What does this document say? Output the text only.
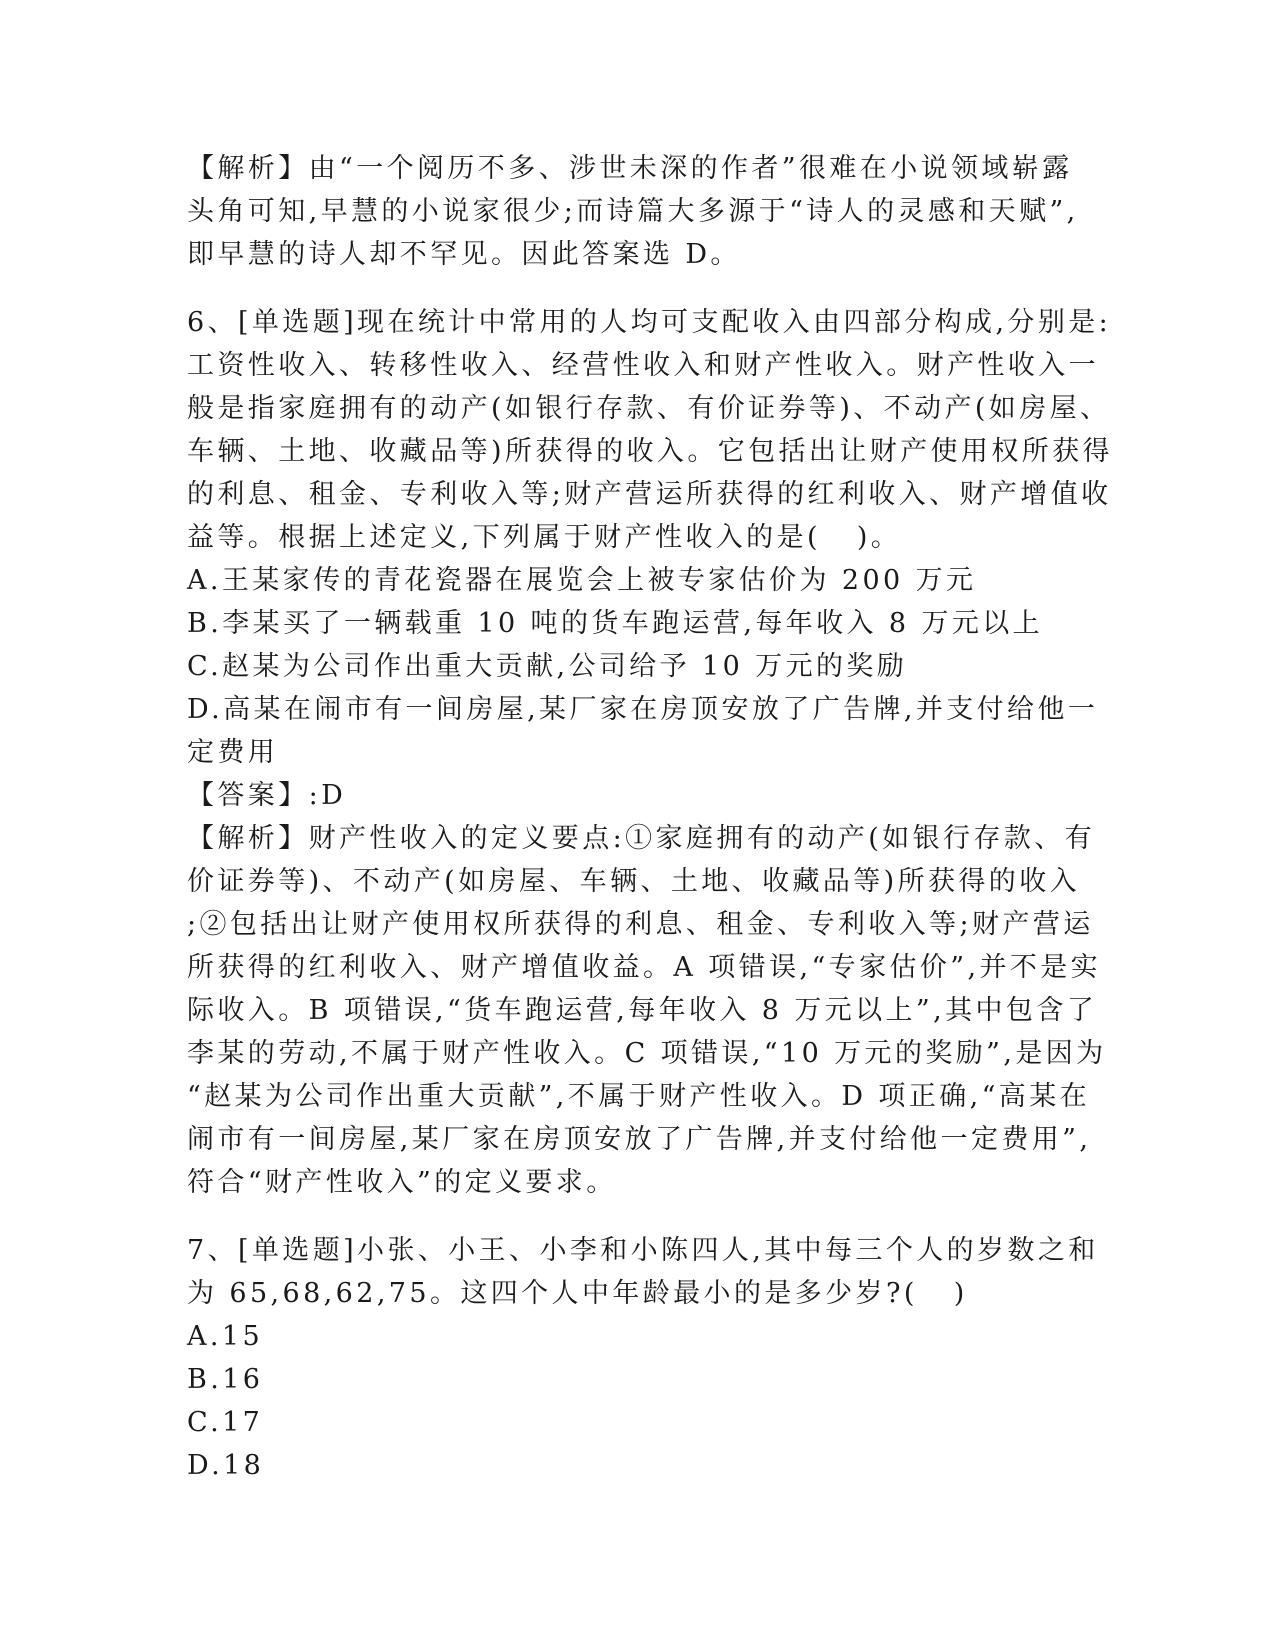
【解析】由“一个阅历不多、涉世未深的作者”很难在小说领域崭露
头角可知,早慧的小说家很少;而诗篇大多源于“诗人的灵感和天赋”,
即早慧的诗人却不罕见。因此答案选 D。
6、[单选题]现在统计中常用的人均可支配收入由四部分构成,分别是:
工资性收入、转移性收入、经营性收入和财产性收入。财产性收入一
般是指家庭拥有的动产(如银行存款、有价证券等)、不动产(如房屋、
车辆、土地、收藏品等)所获得的收入。它包括出让财产使用权所获得
的利息、租金、专利收入等;财产营运所获得的红利收入、财产增值收
益等。根据上述定义,下列属于财产性收入的是(   )。
A.王某家传的青花瓷器在展览会上被专家估价为 200 万元
B.李某买了一辆载重 10 吨的货车跑运营,每年收入 8 万元以上
C.赵某为公司作出重大贡献,公司给予 10 万元的奖励
D.高某在闹市有一间房屋,某厂家在房顶安放了广告牌,并支付给他一
定费用
【答案】:D
【解析】财产性收入的定义要点:①家庭拥有的动产(如银行存款、有
价证券等)、不动产(如房屋、车辆、土地、收藏品等)所获得的收入
;②包括出让财产使用权所获得的利息、租金、专利收入等;财产营运
所获得的红利收入、财产增值收益。A 项错误,“专家估价”,并不是实
际收入。B 项错误,“货车跑运营,每年收入 8 万元以上”,其中包含了
李某的劳动,不属于财产性收入。C 项错误,“10 万元的奖励”,是因为
“赵某为公司作出重大贡献”,不属于财产性收入。D 项正确,“高某在
闹市有一间房屋,某厂家在房顶安放了广告牌,并支付给他一定费用”,
符合“财产性收入”的定义要求。
7、[单选题]小张、小王、小李和小陈四人,其中每三个人的岁数之和
为 65,68,62,75。这四个人中年龄最小的是多少岁?(   )
A.15
B.16
C.17
D.18
